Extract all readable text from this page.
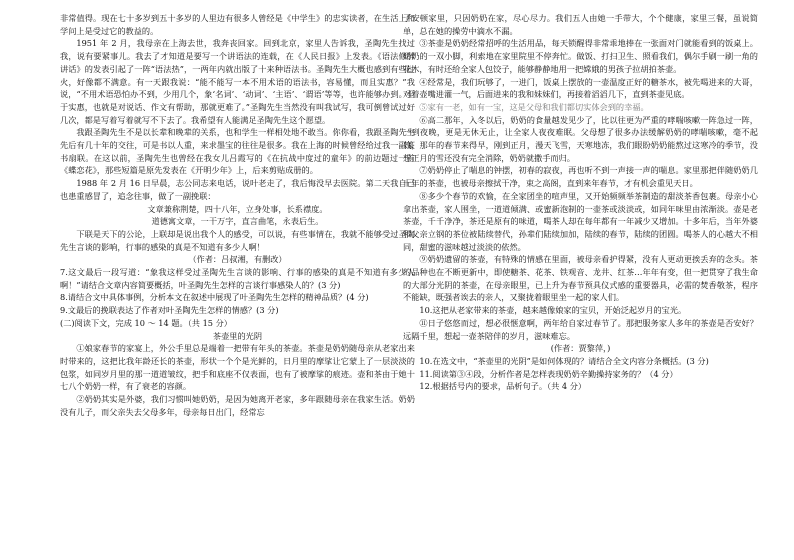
非常值得。现在七十多岁到五十多岁的人里边有很多人曾经是《中学生》的忠实读者，在生活上和学问上是受过它的教益的。

1951 年 2 月，我母亲在上海去世，我奔丧回家。回到北京，家里人告诉我，圣陶先生找过我，说有要紧事儿。我去了才知道是要写一个讲语法的连载，在《人民日报》上发表。《语法修辞讲话》的发表引起了一阵“语法热”，一两年内就出版了十来种语法书。圣陶先生大概也感到有些过火，好像都不满意。有一天跟我说：“能不能写一本不用术语的语法书，容易懂，而且实惠？”我说，“不用术语恐怕办不到，少用几个，象‘名词’、‘动词’、‘主语’、‘谓语’等等，也许能够办到。至于实惠，也就是对说话、作文有帮助，那就更难了。”圣陶先生当然没有叫我试写，我可倒曾试过好几次，都是写着写着就写不下去了。我希望有人能满足圣陶先生这个愿望。

我跟圣陶先生不是以长辈和晚辈的关系，也和学生一样相处地不敢当。你你看，我跟圣陶先生先后有几十年的交往，可是书以人重，来求墨宝的往往是很多。我在上海的时候曾经给过我一副篆书扇联。在这以前，圣陶先生也曾经在我女儿吕霞写的《在抗战中度过的童年》的前边题过一首《蝶恋花》，那些短篇是原先发表在《开明少年》上，后来剪贴成册的。

1988 年 2 月 16 日早晨，志公同志来电话，说叶老走了，我后悔没早去医院。第二天我自己也患重感冒了，追念往事，做了一副挽联：

文章兼称荆楚，四十八年，立身处事，长系襟度。

道德寓文章，一干万字，直言曲笔，永表后生。

下联是天下的公论，上联却是说出我个人的感受，可以说，有些事情在，我就不能够受过圣陶先生言谈的影响，行事的感染的真是不知道有多少人啊！

（作者：吕叔湘，有删改）

7.这文最后一段写道：“象我这样受过圣陶先生言谈的影响、行事的感染的真是不知道有多少人啊！”请结合文章内容简要概括，叶圣陶先生怎样的言谈行事感染人的？(3 分)

8.请结合文中具体事例，分析本文在叙述中展现了叶圣陶先生怎样的精神品质？(4 分)

9.文最后的挽联表达了作者对叶圣陶先生怎样的情感？(3 分)

(二)阅读下文，完成 10 ～ 14 题。（共 15 分）

茶壶里的光阴

①娘家春节的家宴上，外公手里总是端着一把带有年头的茶壶。茶壶是奶奶随母亲从老家出来时带来的，这把比我年龄还长的茶壶，形状一个个是光鲜的，日月里的摩挲让它蒙上了一层淡淡的包浆，如同岁月里的那一道道皱纹，把手和底座不仅表面，也有了被摩挲的痕迹。壶和茶由于她十七八个奶奶一样，有了衰老的容颜。

②奶奶其实是外婆，我们习惯叫她奶奶，是因为她离开老家，多年跟随母亲在我家生活。奶奶没有儿子，而父亲失去父母多年，母亲每日出门，经常忘

了安顿家里，只因奶奶在家，尽心尽力。我们五人由她一手带大，个个健康，家里三餐，虽说简单，总在她的操劳中滴水不漏。

③茶壶是奶奶经常招呼的生活用品，每天锁醒得非常乖地捧在一张面对门就能看到的饭桌上。奶奶的一双小脚，利索地在家里院里不停奔忙。做饭、打扫卫生、照看我们，偶尔手刷一刷一角的花木，有时还给全家人包饺子，能够静静地用一把嫦娥的男孩子拉胡拍茶壶。

④经常是，我们玩够了，一进门，饭桌上摆放的一壶温度正好的糖茶水，被先喝进来的大哥，对着壶嘴进灌一气，后面进来的我和妹妹们，再接着滔滔几下，直到茶壶见底。

⑤家有一老，如有一宝，这是父母和我们都切实体会到的幸福。

⑥高二那年，入冬以后，奶奶的食量越发见少了，比以往更为严重的哮喘咳嗽一阵急过一阵，一到夜晚，更是无休无止，让全家人夜夜难眠。父母想了很多办法缓解奶奶的哮喘咳嗽，毫不起效，那年的春节来得早，刚到正月，漫天飞雪，天寒地冻，我们眼盼奶奶能熬过这寒冷的季节，没想正月的雪还没有完全消除，奶奶就撒手而归。

⑦奶奶停止了喘息的钟摆，初春的寂夜，再也听不到一声接一声的喘息。家里那把伴随奶奶几十年的茶壶，也被母亲擦拭干净，束之高阁，直到来年春节，才有机会重见天日。

⑧多少个春节的欢愉，在全家团坐的喧声里，又开始频频举茶制造的甜淡茶香包裹。母亲小心拿出茶壶，家人围坐，一道道倾满、或蜜新泡制的一壶茶或淡淡或，如同年味里由浓渐淡。壶是老茶壶，千千净净，茶还是原有的味道，喝茶人却在每年都有一年减少又增加。十多年后，当年外婆和父亲立钢的茶位被陆续替代，孙辈们陆续加加，陆续的春节，陆续的团圆。喝茶人的心越大不相同，甜蜜的滋味越过淡淡的依然。

⑨奶奶遗留的茶壶，有特殊的情感在里面，被母亲看护得紧，没有人更动更挨丢弃的念头。茶的品种也在不断更新中，即使糖茶、花茶、铁观音、龙井、红茶…年年有变，但一把贯穿了我生命的大部分光阴的茶壶，在母亲眼里，已上升为春节预具仪式感的重要器具，必需的焚香敬茶，程序不能缺，既强者诶去的亲人，又聚拢着眼里坐一起的家人们。

10.这把从老家带来的茶壶，越来越像娘家的宝贝，开始泛起岁月的宝光。

⑪日子悠悠而过，想必很惬意啊，两年给自家过春节了。那把服务家人多年的茶壶是否安好？远隔千里，想起一壶茶陪伴的岁月，滋味难忘。

(作者：贾黎萍，)

10.在选文中，“茶壶里的光阴”是如何体现的？请结合全文内容分条概括。(3 分)

11.阅读第③④段，分析作者是怎样表现奶奶辛勤操持家务的？（4 分）

12.根据括号内的要求，品析句子。（共 4 分）
